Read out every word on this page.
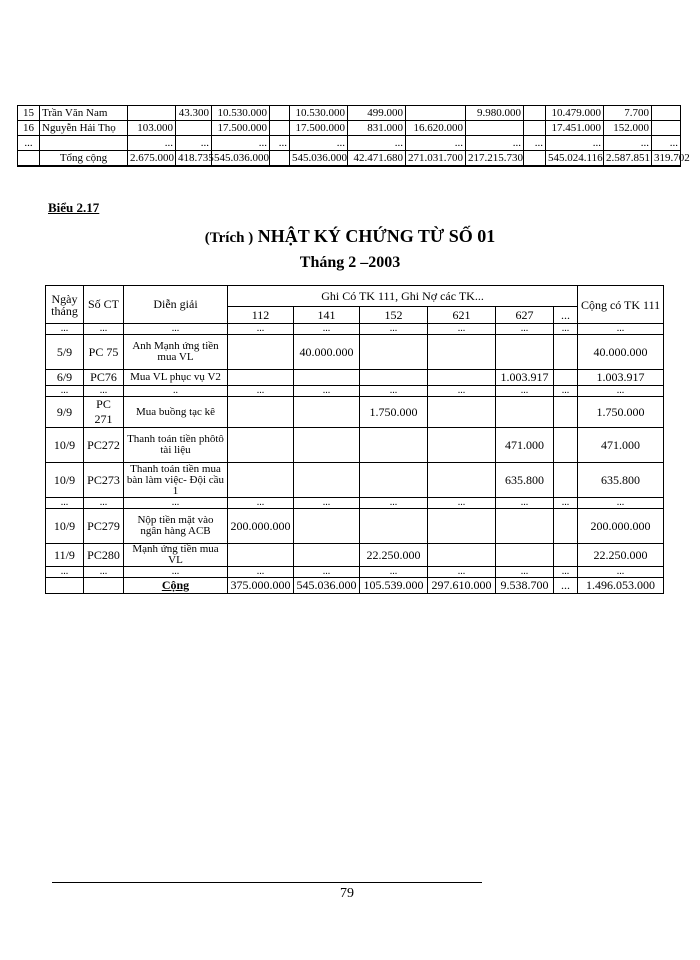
15	Trần Văn Nam		43.300	10.530.000		10.530.000	499.000		9.980.000		10.479.000	7.700	
16	Nguyễn Hải Thọ	103.000		17.500.000		17.500.000	831.000	16.620.000			17.451.000	152.000	
...		...	...	...	...	...	...	...	...	...	...	...	...
	Tổng cộng	2.675.000	418.735	545.036.000		545.036.000	42.471.680	271.031.700	217.215.730		545.024.116	2.587.851	319.702
Biểu 2.17
(Trích ) NHẬT KÝ CHỨNG TỪ SỐ 01
Tháng 2 –2003
Ngày tháng	Số CT	Diễn giải	Ghi Có TK 111, Ghi Nợ các TK...						Cộng có TK 111
			112	141	152	621	627	...	
...	...	...	...	...	...	...	...	...	...
5/9	PC 75	Anh Mạnh ứng tiền mua VL		40.000.000					40.000.000
6/9	PC76	Mua VL phục vụ V2					1.003.917		1.003.917
...	...	..	...	...	...	...	...	...	...
9/9	PC 271	Mua buồng tạc kê			1.750.000				1.750.000
10/9	PC272	Thanh toán tiền phôtô tài liệu					471.000		471.000
10/9	PC273	Thanh toán tiền mua bàn làm việc- Đội cầu 1					635.800		635.800
...	...	...	...	...	...	...	...	...	...
10/9	PC279	Nộp tiền mặt vào ngân hàng ACB	200.000.000						200.000.000
11/9	PC280	Mạnh ứng tiền mua VL			22.250.000				22.250.000
...	...	...	...	...	...	...	...	...	...
		Cộng	375.000.000	545.036.000	105.539.000	297.610.000	9.538.700	...	1.496.053.000
79
